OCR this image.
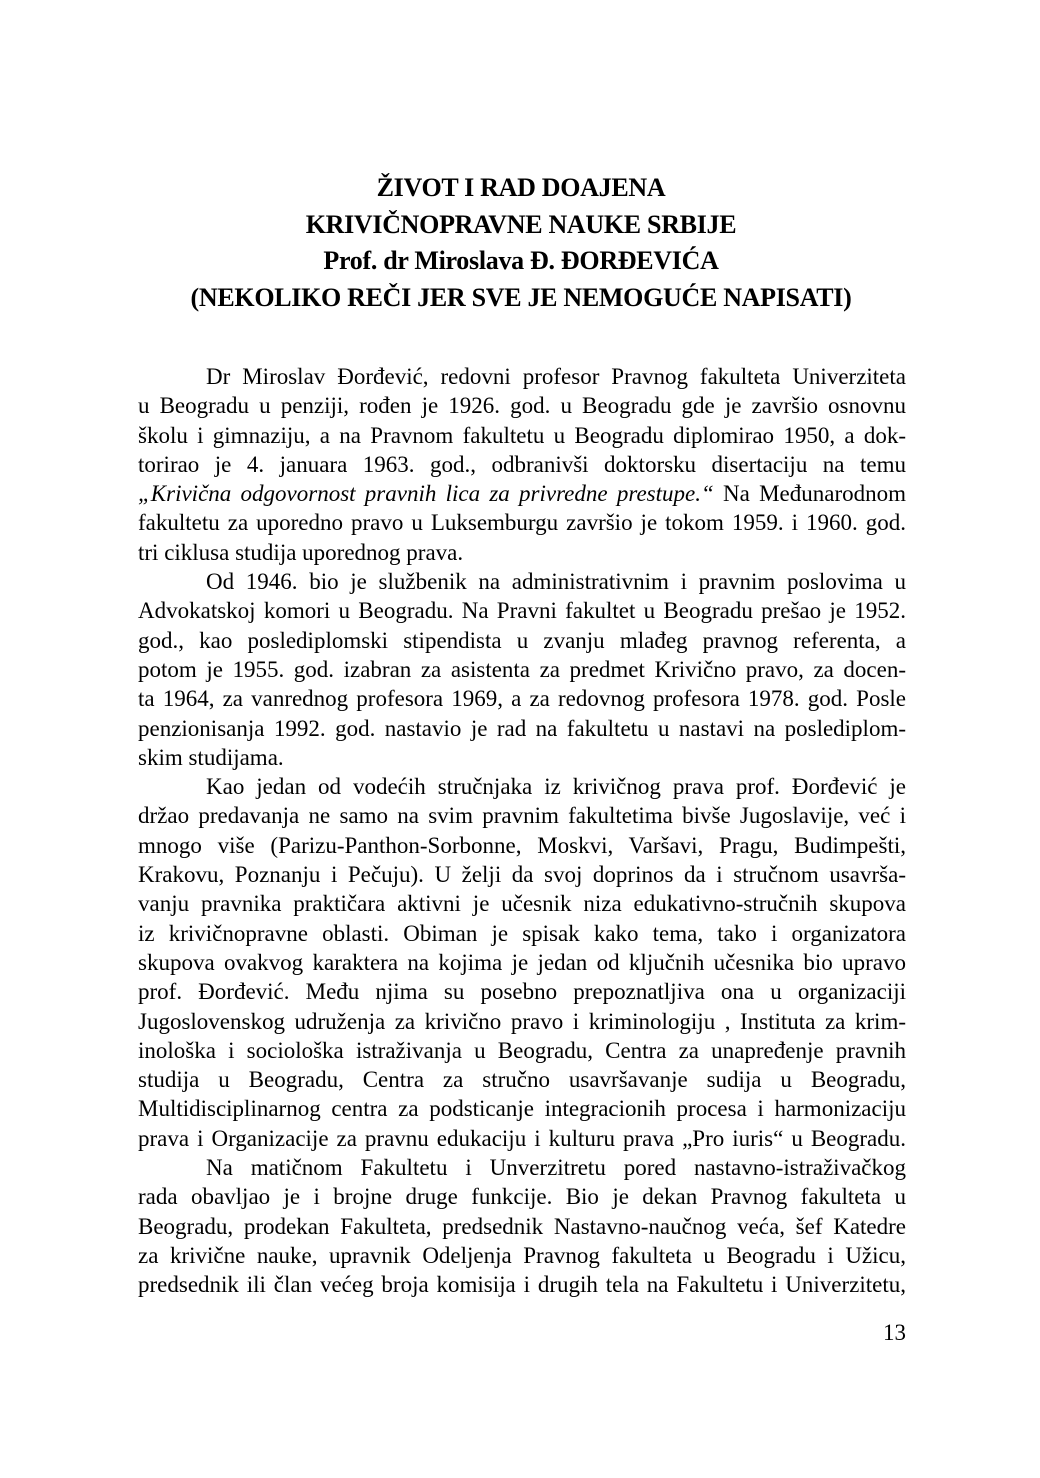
ŽIVOT I RAD DOAJENA
KRIVIČNOPRAVNE NAUKE SRBIJE
Prof. dr Miroslava Đ. ĐORĐEVIĆA
(NEKOLIKO REČI JER SVE JE NEMOGUĆE NAPISATI)
Dr Miroslav Đorđević, redovni profesor Pravnog fakulteta Univerziteta
u Beogradu u penziji, rođen je 1926. god. u Beogradu gde je završio osnovnu
školu i gimnaziju, a na Pravnom fakultetu u Beogradu diplomirao 1950, a dok-
torirao je 4. januara 1963. god., odbranivši doktorsku disertaciju na temu
„Krivična odgovornost pravnih lica za privredne prestupe.“ Na Međunarodnom
fakultetu za uporedno pravo u Luksemburgu završio je tokom 1959. i 1960. god.
tri ciklusa studija uporednog prava.
Od 1946. bio je službenik na administrativnim i pravnim poslovima u
Advokatskoj komori u Beogradu. Na Pravni fakultet u Beogradu prešao je 1952.
god., kao poslediplomski stipendista u zvanju mlađeg pravnog referenta, a
potom je 1955. god. izabran za asistenta za predmet Krivično pravo, za docen-
ta 1964, za vanrednog profesora 1969, a za redovnog profesora 1978. god. Posle
penzionisanja 1992. god. nastavio je rad na fakultetu u nastavi na poslediplom-
skim studijama.
Kao jedan od vodećih stručnjaka iz krivičnog prava prof. Đorđević je
držao predavanja ne samo na svim pravnim fakultetima bivše Jugoslavije, već i
mnogo više (Parizu-Panthon-Sorbonne, Moskvi, Varšavi, Pragu, Budimpešti,
Krakovu, Poznanju i Pečuju). U želji da svoj doprinos da i stručnom usavrša-
vanju pravnika praktičara aktivni je učesnik niza edukativno-stručnih skupova
iz krivičnopravne oblasti. Obiman je spisak kako tema, tako i organizatora
skupova ovakvog karaktera na kojima je jedan od ključnih učesnika bio upravo
prof. Đorđević. Među njima su posebno prepoznatljiva ona u organizaciji
Jugoslovenskog udruženja za krivično pravo i kriminologiju , Instituta za krim-
inološka i sociološka istraživanja u Beogradu, Centra za unapređenje pravnih
studija u Beogradu, Centra za stručno usavršavanje sudija u Beogradu,
Multidisciplinarnog centra za podsticanje integracionih procesa i harmonizaciju
prava i Organizacije za pravnu edukaciju i kulturu prava „Pro iuris“ u Beogradu.
Na matičnom Fakultetu i Unverzitretu pored nastavno-istraživačkog
rada obavljao je i brojne druge funkcije. Bio je dekan Pravnog fakulteta u
Beogradu, prodekan Fakulteta, predsednik Nastavno-naučnog veća, šef Katedre
za krivične nauke, upravnik Odeljenja Pravnog fakulteta u Beogradu i Užicu,
predsednik ili član većeg broja komisija i drugih tela na Fakultetu i Univerzitetu,
13
